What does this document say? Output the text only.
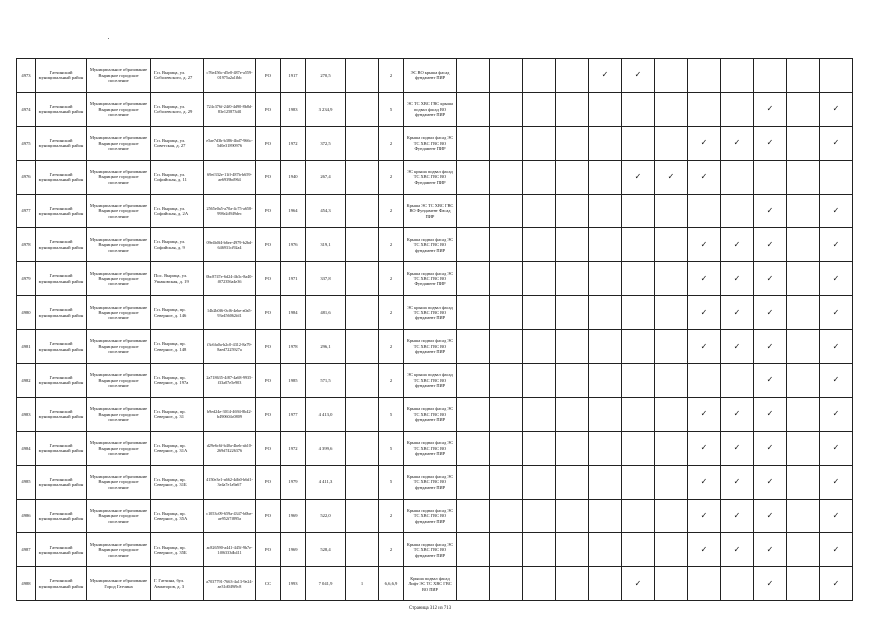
4973	Гатчинский муниципальный район	Муниципальное образование Вырицкое городское поселение	Г.п. Вырица, ул. Соболевского, д. 27	c76e456c-d5e0-487e-a559-01975a2a1fbb	РО	1917	270,5		2	ЭС ВО крыша фасад фундамент ПИР					✓	✓						
4974	Гатчинский муниципальный район	Муниципальное образование Вырицкое городское поселение	Г.п. Вырица, ул. Соболевского, д. 29	724c376f-24f0-4d90-8b8d-83e125873dfl	РО	1983	3 234,9		5	ЭС ТС ХВС ГВС крыша подвал фасад ВО фундамент ПИР										✓		✓
4975	Гатчинский муниципальный район	Муниципальное образование Вырицкое городское поселение	Г.п. Вырица, ул. Советская, д. 27	e5ae7d3b-b386-4bd7-966c-5d0e31890976	РО	1972	372,5		2	Крыша подвал фасад ЭС ТС ХВС ГВС ВО Фундамент ПИР								✓	✓	✓		✓
4976	Гатчинский муниципальный район	Муниципальное образование Вырицкое городское поселение	Г.п. Вырица, ул. Софийская, д. 11	69ef332e-11ff-487b-b659-ae6939bd964	РО	1940	267,4		2	ЭС крыша подвал фасад ТС ХВС ГВС ВО Фундамент ПИР						✓	✓	✓				
4977	Гатчинский муниципальный район	Муниципальное образование Вырицкое городское поселение	Г.п. Вырица, ул. Софийская, д. 2А	2565e0a5-a70a-4c75-a658-998e2d949dec	РО	1964	454,3		2	Крыша ЭС ТС ХВС ГВС ВО Фундамент Фасад ПИР										✓		✓
4978	Гатчинский муниципальный район	Муниципальное образование Вырицкое городское поселение	Г.п. Вырица, ул. Софийская, д. 9	09e4b0f4-b6ee-4979-b2bd-646931cf92a4	РО	1976	319,1		2	Крыша подвал фасад ЭС ТС ХВС ГВС ВО фундамент ПИР								✓	✓	✓		✓
4979	Гатчинский муниципальный район	Муниципальное образование Вырицкое городское поселение	Пос. Вырица, ул. Ушаковская, д. 19	0bc8747e-6d24-4b3c-8a40-f072356a4e36	РО	1971	337,8		2	Крыша подвал фасад ЭС ТС ХВС ГВС ВО Фундамент ПИР								✓	✓	✓		✓
4980	Гатчинский муниципальный район	Муниципальное образование Вырицкое городское поселение	Г.п. Вырица, пр. Северное, д. 146	14b2b0f6-0cf6-4ebe-a0a5-93e456062fd1	РО	1984	481,6		2	ЭС крыша подвал фасад ТС ХВС ГВС ВО фундамент ПИР								✓	✓	✓		✓
4981	Гатчинский муниципальный район	Муниципальное образование Вырицкое городское поселение	Г.п. Вырица, пр. Северное, д. 148	f3c6fa0a-b2c0-4312-8a79-8aed7225927a	РО	1978	296,1		2	Крыша подвал фасад ЭС ТС ХВС ГВС ВО фундамент ПИР								✓	✓	✓		✓
4982	Гатчинский муниципальный район	Муниципальное образование Вырицкое городское поселение	Г.п. Вырица, пр. Северное, д. 197а	2a718635-4f87-4a68-9935-f33a07e5e903	РО	1985	571,5		2	ЭС крыша подвал фасад ТС ХВС ГВС ВО фундамент ПИР										✓		✓
4983	Гатчинский муниципальный район	Муниципальное образование Вырицкое городское поселение	Г.п. Вырица, пр. Северное, д. 31	b9ed24e-3014-4694-8b42-b490604c0809	РО	1977	4 413,0		5	Крыша подвал фасад ЭС ТС ХВС ГВС ВО фундамент ПИР								✓	✓	✓		✓
4984	Гатчинский муниципальный район	Муниципальное образование Вырицкое городское поселение	Г.п. Вырица, пр. Северное, д. 31А	d29e6c6f-b40a-4beb-ab10-269d74226376	РО	1972	4 399,6		5	Крыша подвал фасад ЭС ТС ХВС ГВС ВО фундамент ПИР								✓	✓	✓		✓
4985	Гатчинский муниципальный район	Муниципальное образование Вырицкое городское поселение	Г.п. Вырица, пр. Северное, д. 31Б	4150e3e1-a662-4db0-b6d1-3e4a7e1a9a67	РО	1979	4 411,3		5	Крыша подвал фасад ЭС ТС ХВС ГВС ВО фундамент ПИР								✓	✓	✓		✓
4986	Гатчинский муниципальный район	Муниципальное образование Вырицкое городское поселение	Г.п. Вырица, пр. Северное, д. 35А	c1053c09-659a-4347-b0be-ae952f7f895a	РО	1969	522,0		2	Крыша подвал фасад ЭС ТС ХВС ГВС ВО фундамент ПИР								✓	✓	✓		✓
4987	Гатчинский муниципальный район	Муниципальное образование Вырицкое городское поселение	Г.п. Вырица, пр. Северное, д. 35Б	ac826590-a441-445f-9b7e-1f06333db411	РО	1969	528,4		2	Крыша подвал фасад ЭС ТС ХВС ГВС ВО фундамент ПИР								✓	✓	✓		✓
4988	Гатчинский муниципальный район	Муниципальное образование Город Гатчина	Г. Гатчина, бул. Авиаторов, д. 3	a7037791-7663-4a13-9e24-ae31d049f9c8	СС	1993	7 041,9	1	6,6,6,9	Крыша подвал фасад Лифт ЭС ТС ХВС ГВС ВО ПИР						✓				✓		✓
Страница 312 из 713
